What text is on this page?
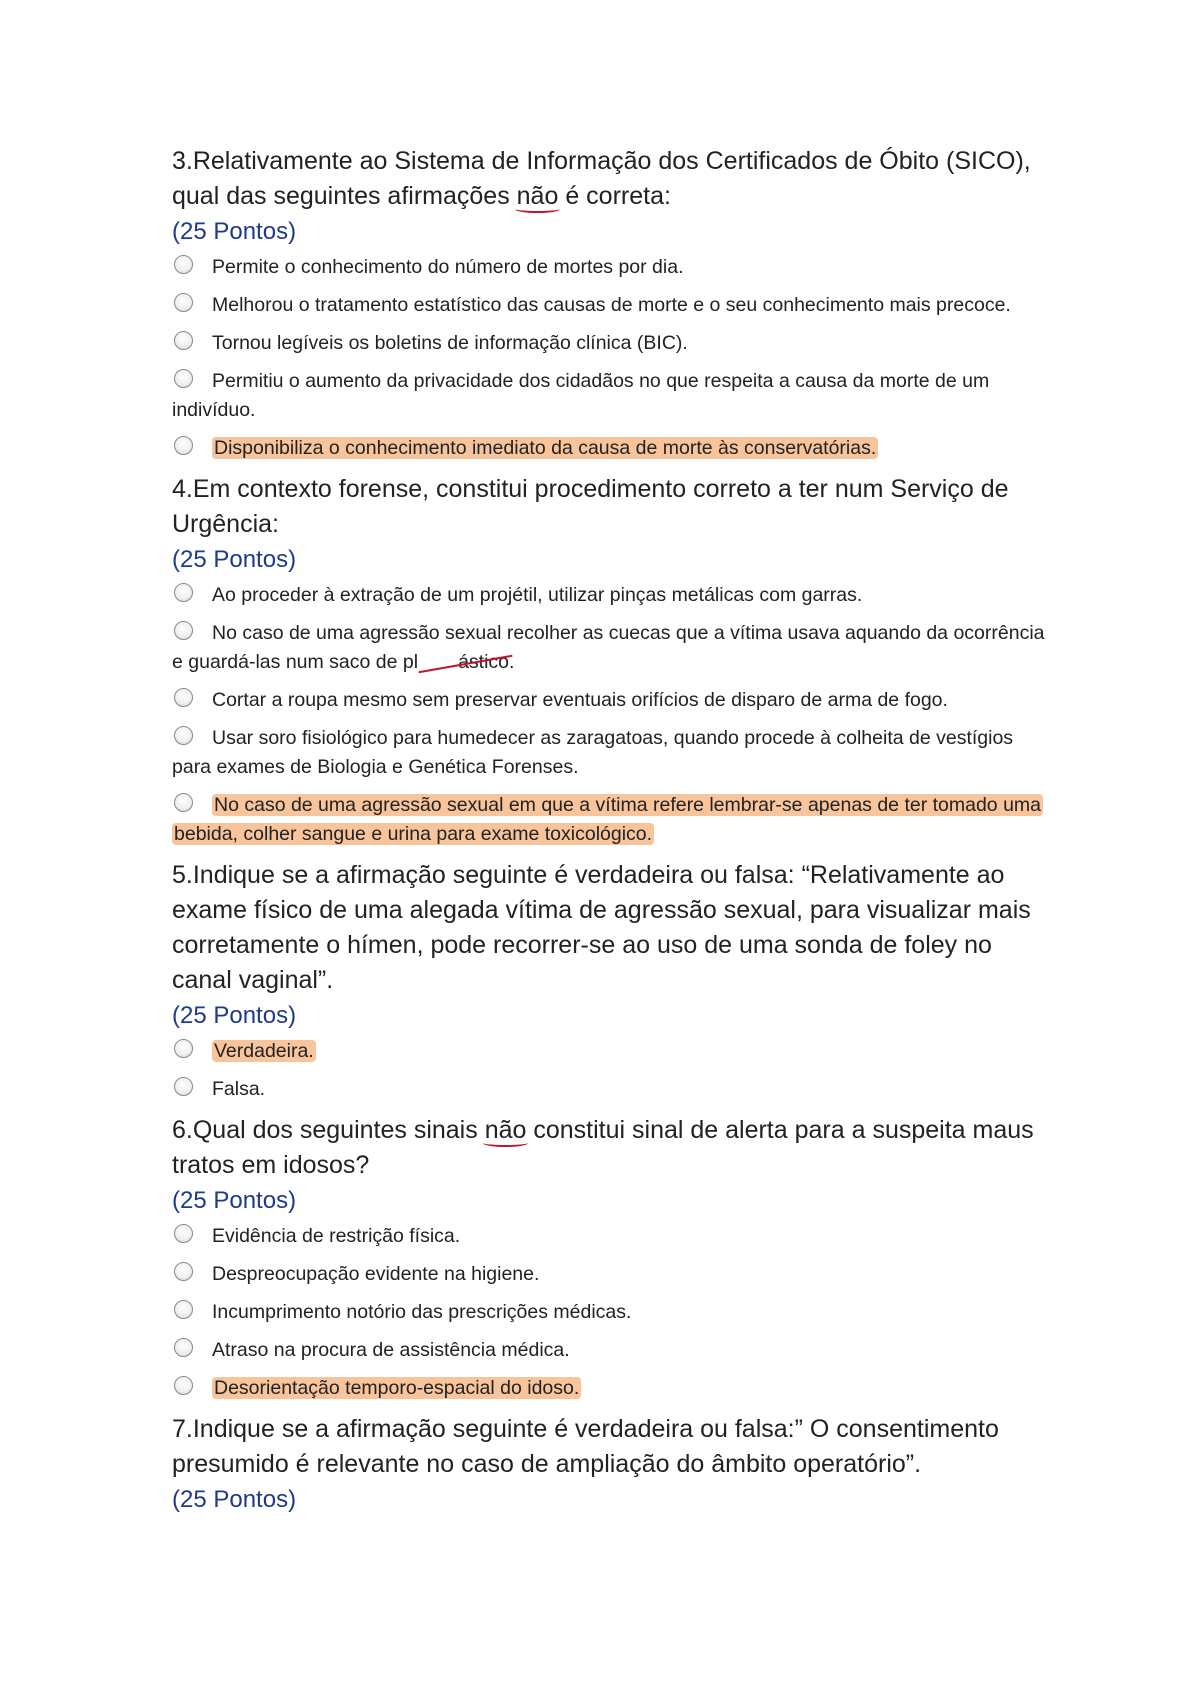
3.Relativamente ao Sistema de Informação dos Certificados de Óbito (SICO), qual das seguintes afirmações não é correta:

(25 Pontos)

Permite o conhecimento do número de mortes por dia.
Melhorou o tratamento estatístico das causas de morte e o seu conhecimento mais precoce.
Tornou legíveis os boletins de informação clínica (BIC).
Permitiu o aumento da privacidade dos cidadãos no que respeita a causa da morte de um indivíduo.
Disponibiliza o conhecimento imediato da causa de morte às conservatórias.

4.Em contexto forense, constitui procedimento correto a ter num Serviço de Urgência:

(25 Pontos)

Ao proceder à extração de um projétil, utilizar pinças metálicas com garras.
No caso de uma agressão sexual recolher as cuecas que a vítima usava aquando da ocorrência e guardá-las num saco de pl ástico.
Cortar a roupa mesmo sem preservar eventuais orifícios de disparo de arma de fogo.
Usar soro fisiológico para humedecer as zaragatoas, quando procede à colheita de vestígios para exames de Biologia e Genética Forenses.
No caso de uma agressão sexual em que a vítima refere lembrar-se apenas de ter tomado uma bebida, colher sangue e urina para exame toxicológico.

5.Indique se a afirmação seguinte é verdadeira ou falsa: “Relativamente ao exame físico de uma alegada vítima de agressão sexual, para visualizar mais corretamente o hímen, pode recorrer-se ao uso de uma sonda de foley no canal vaginal”.

(25 Pontos)

Verdadeira.
Falsa.

6.Qual dos seguintes sinais não constitui sinal de alerta para a suspeita maus tratos em idosos?

(25 Pontos)

Evidência de restrição física.
Despreocupação evidente na higiene.
Incumprimento notório das prescrições médicas.
Atraso na procura de assistência médica.
Desorientação temporo-espacial do idoso.

7.Indique se a afirmação seguinte é verdadeira ou falsa:” O consentimento presumido é relevante no caso de ampliação do âmbito operatório”.

(25 Pontos)
